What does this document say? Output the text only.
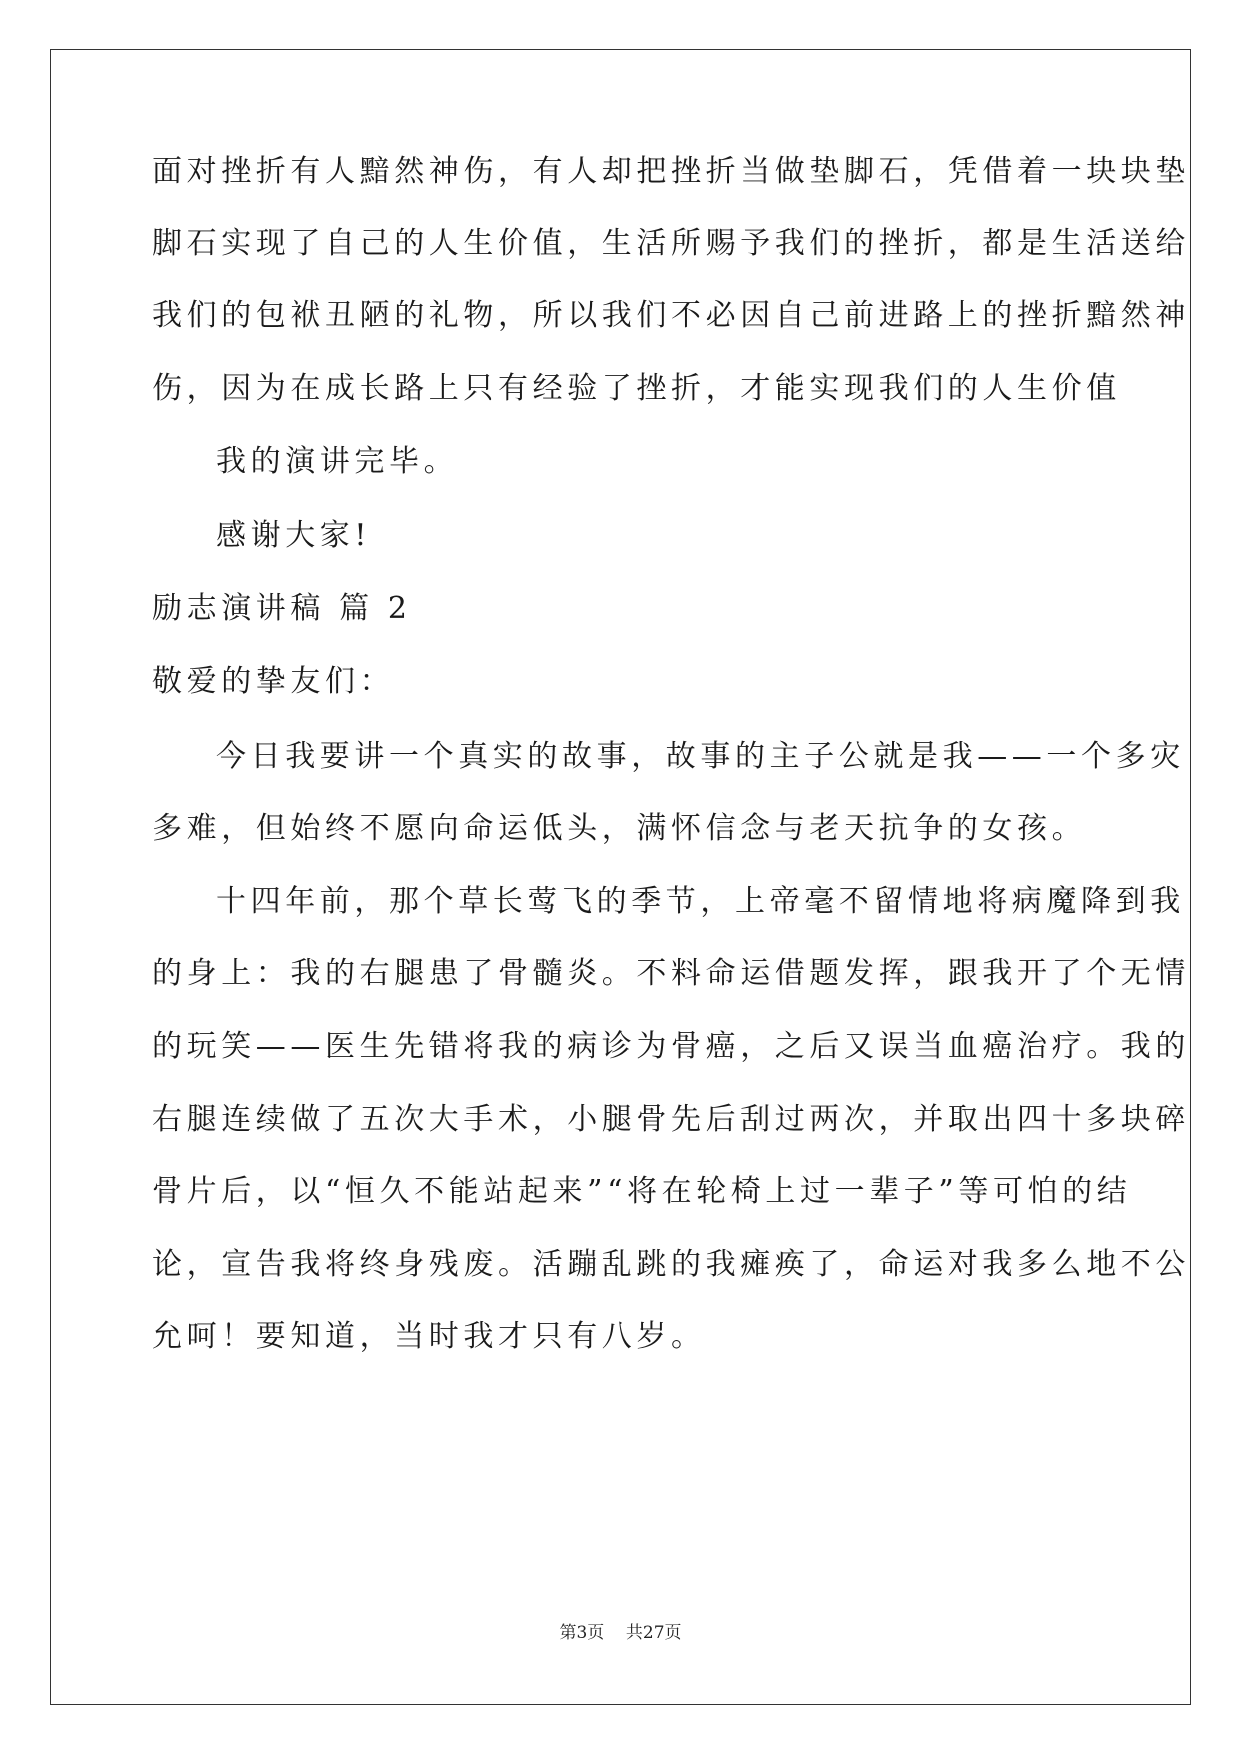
面对挫折有人黯然神伤，有人却把挫折当做垫脚石，凭借着一块块垫
脚石实现了自己的人生价值，生活所赐予我们的挫折，都是生活送给
我们的包袱丑陋的礼物，所以我们不必因自己前进路上的挫折黯然神
伤，因为在成长路上只有经验了挫折，才能实现我们的人生价值
我的演讲完毕。
感谢大家!
励志演讲稿 篇 2
敬爱的挚友们：
今日我要讲一个真实的故事，故事的主子公就是我——一个多灾
多难，但始终不愿向命运低头，满怀信念与老天抗争的女孩。
十四年前，那个草长莺飞的季节，上帝毫不留情地将病魔降到我
的身上：我的右腿患了骨髓炎。不料命运借题发挥，跟我开了个无情
的玩笑——医生先错将我的病诊为骨癌，之后又误当血癌治疗。我的
右腿连续做了五次大手术，小腿骨先后刮过两次，并取出四十多块碎
骨片后，以“恒久不能站起来”“将在轮椅上过一辈子”等可怕的结
论，宣告我将终身残废。活蹦乱跳的我瘫痪了，命运对我多么地不公
允呵！要知道，当时我才只有八岁。
第3页    共27页
